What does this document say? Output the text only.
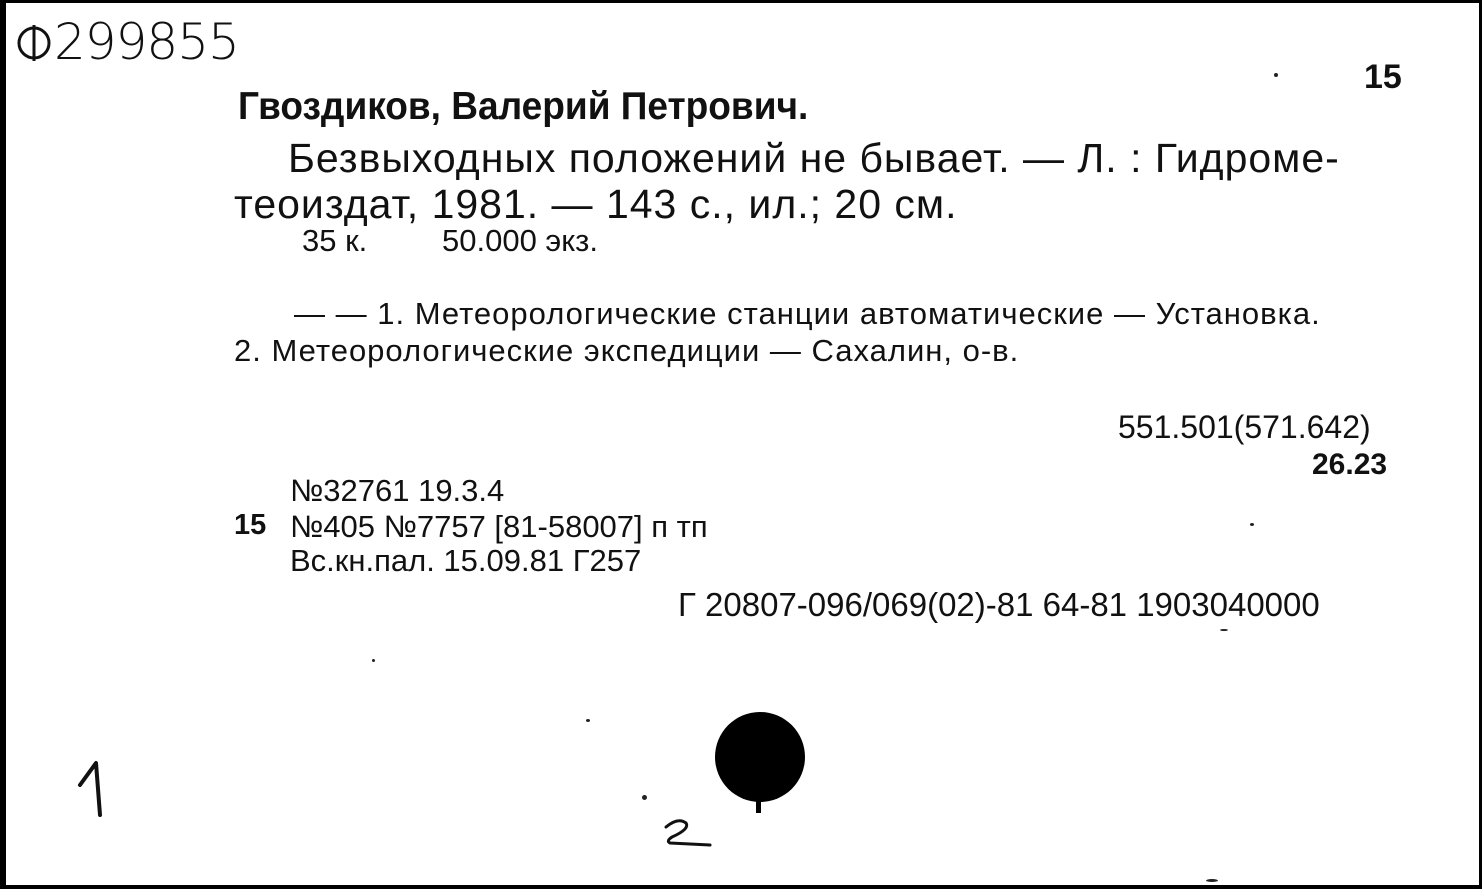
299855
15
Гвоздиков, Валерий Петрович.
Безвыходных положений не бывает. — Л. : Гидроме-
теоиздат, 1981. — 143 с., ил.; 20 см.
35 к. 50.000 экз.
— — 1. Метеорологические станции автоматические — Установка.
2. Метеорологические экспедиции — Сахалин, о-в.
551.501(571.642)
26.23
№32761 19.3.4
15 №405 №7757 [81-58007] п тп
Вс.кн.пал. 15.09.81 Г257
Г 20807-096/069(02)-81 64-81 1903040000
